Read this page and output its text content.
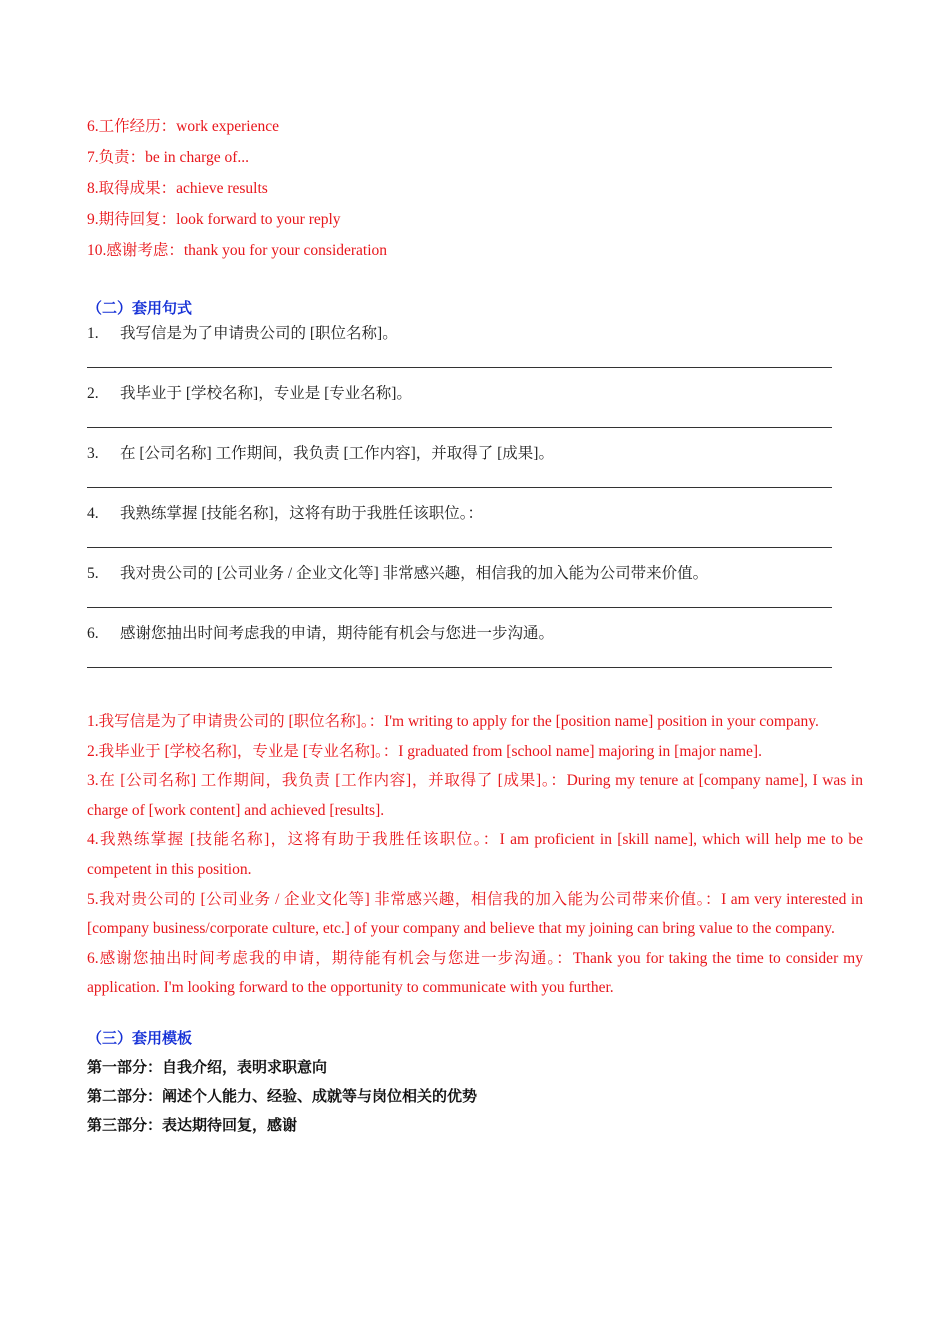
6.工作经历：work experience
7.负责：be in charge of...
8.取得成果：achieve results
9.期待回复：look forward to your reply
10.感谢考虑：thank you for your consideration
（二）套用句式
1. 我写信是为了申请贵公司的 [职位名称]。
2. 我毕业于 [学校名称]，专业是 [专业名称]。
3. 在 [公司名称] 工作期间，我负责 [工作内容]，并取得了 [成果]。
4. 我熟练掌握 [技能名称]，这将有助于我胜任该职位。：
5. 我对贵公司的 [公司业务 / 企业文化等] 非常感兴趣，相信我的加入能为公司带来价值。
6. 感谢您抽出时间考虑我的申请，期待能有机会与您进一步沟通。
1.我写信是为了申请贵公司的 [职位名称]。：I'm writing to apply for the [position name] position in your company.
2.我毕业于 [学校名称]，专业是 [专业名称]。：I graduated from [school name] majoring in [major name].
3.在 [公司名称] 工作期间，我负责 [工作内容]，并取得了 [成果]。：During my tenure at [company name], I was in charge of [work content] and achieved [results].
4.我熟练掌握 [技能名称]，这将有助于我胜任该职位。：I am proficient in [skill name], which will help me to be competent in this position.
5.我对贵公司的 [公司业务 / 企业文化等] 非常感兴趣，相信我的加入能为公司带来价值。：I am very interested in [company business/corporate culture, etc.] of your company and believe that my joining can bring value to the company.
6.感谢您抽出时间考虑我的申请，期待能有机会与您进一步沟通。：Thank you for taking the time to consider my application. I'm looking forward to the opportunity to communicate with you further.
（三）套用模板
第一部分：自我介绍，表明求职意向
第二部分：阐述个人能力、经验、成就等与岗位相关的优势
第三部分：表达期待回复，感谢
